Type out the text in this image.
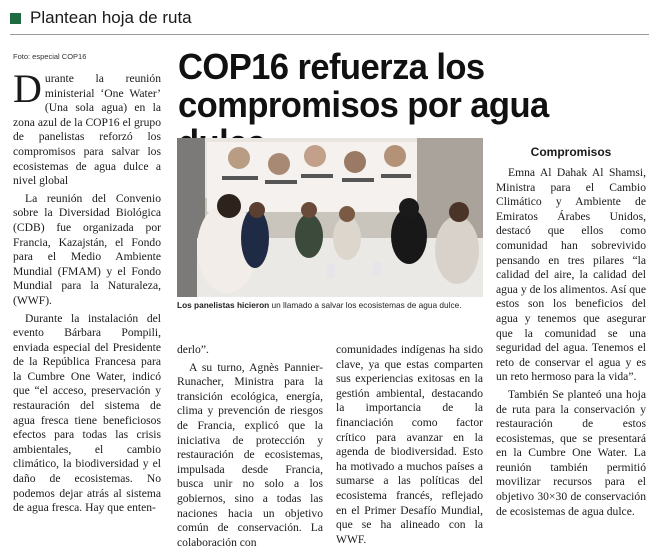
Plantean hoja de ruta
Foto: especial COP16	COP16 refuerza los compromisos por agua

Durante la reunión ministerial ‘One Water’ (Una sola agua) en la zona azul de la COP16 el grupo de panelistas reforzó los compromisos para salvar los ecosistemas de agua dulce a nivel global

La reunión del Convenio sobre la Diversidad Biológica (CDB) fue organizada por Francia, Kazajstán, el Fondo para el Medio Ambiente Mundial (FMAM) y el Fondo Mundial para la Naturaleza, (WWF).

Durante la instalación del evento Bárbara Pompili, enviada especial del Presidente de la República Francesa para la Cumbre One Water, indicó que “el acceso, preservación y restauración del sistema de agua fresca tiene beneficiosos efectos para todas las crisis ambientales, el cambio climático, la biodiversidad y el daño de ecosistemas. No podemos dejar atrás al sistema de agua fresca. Hay que enten-

Los panelistas hicieron un llamado a salvar los ecosistemas de agua dulce.

derlo”.

A su turno, Agnès Pannier-Runacher, Ministra para la transición ecológica, energía, clima y prevención de riesgos de Francia, explicó que la iniciativa de protección y restauración de ecosistemas, impulsada desde Francia, busca unir no solo a los gobiernos, sino a todas las naciones hacia un objetivo común de conservación. La colaboración con

comunidades indígenas ha sido clave, ya que estas comparten sus experiencias exitosas en la gestión ambiental, destacando la importancia de la financiación como factor crítico para avanzar en la agenda de biodiversidad. Esto ha motivado a muchos países a sumarse a las políticas del ecosistema francés, reflejado en el Primer Desafío Mundial, que se ha alineado con la WWF.

Compromisos

Emna Al Dahak Al Shamsi, Ministra para el Cambio Climático y Ambiente de Emiratos Árabes Unidos, destacó que ellos como comunidad han sobrevivido pensando en tres pilares “la calidad del aire, la calidad del agua y de los alimentos. Así que estos son los beneficios del agua y tenemos que asegurar que la comunidad se una seguridad del agua. Tenemos el reto de conservar el agua y es un reto hermoso para la vida”.

También Se planteó una hoja de ruta para la conservación y restauración de estos ecosistemas, que se presentará en la Cumbre One Water. La reunión también permitió movilizar recursos para el objetivo 30×30 de conservación de ecosistemas de agua dulce.
